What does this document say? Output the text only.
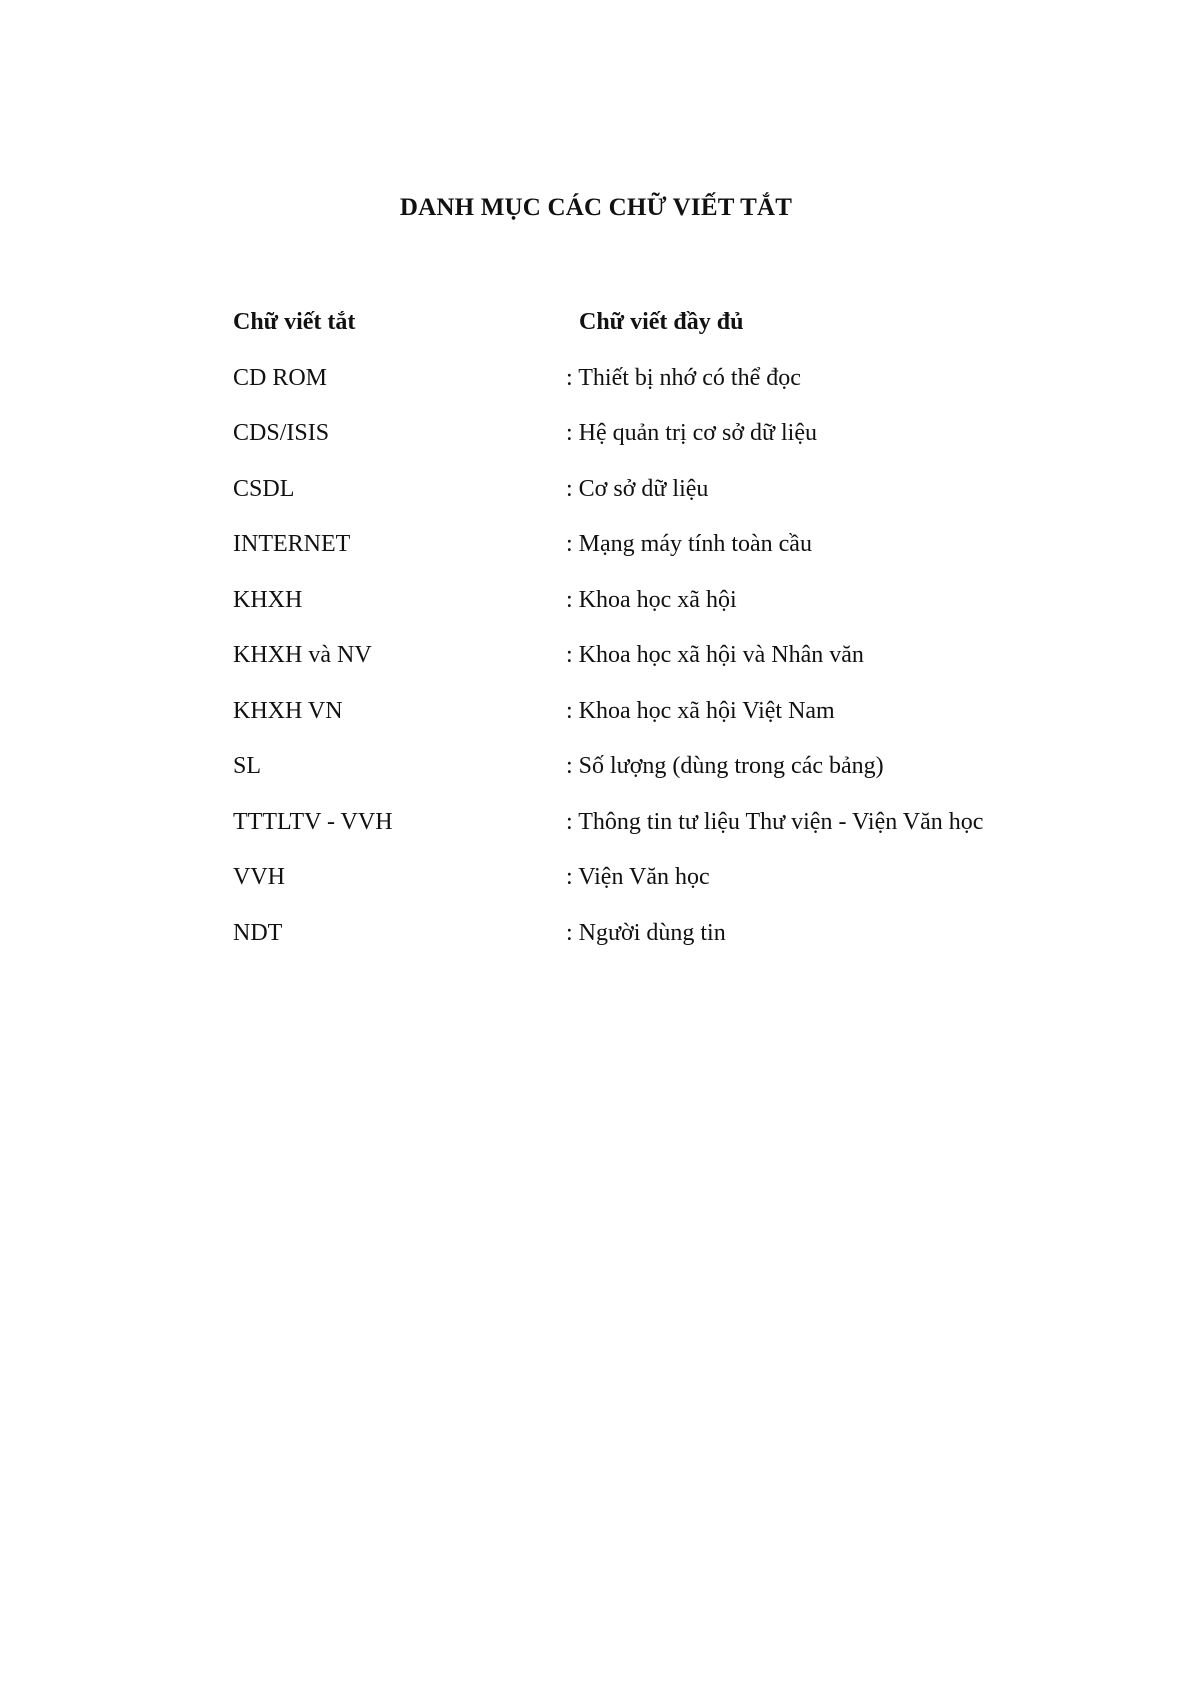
DANH MỤC CÁC CHỮ VIẾT TẮT
Chữ viết tắt	Chữ viết đầy đủ
CD ROM	: Thiết bị nhớ có thể đọc
CDS/ISIS	: Hệ quản trị cơ sở dữ liệu
CSDL	: Cơ sở dữ liệu
INTERNET	: Mạng máy tính toàn cầu
KHXH	: Khoa học xã hội
KHXH và NV	: Khoa học xã hội và Nhân văn
KHXH VN	: Khoa học xã hội Việt Nam
SL	: Số lượng (dùng trong các bảng)
TTTLTV - VVH	: Thông tin tư liệu Thư viện - Viện Văn học
VVH	: Viện Văn học
NDT	: Người dùng tin
